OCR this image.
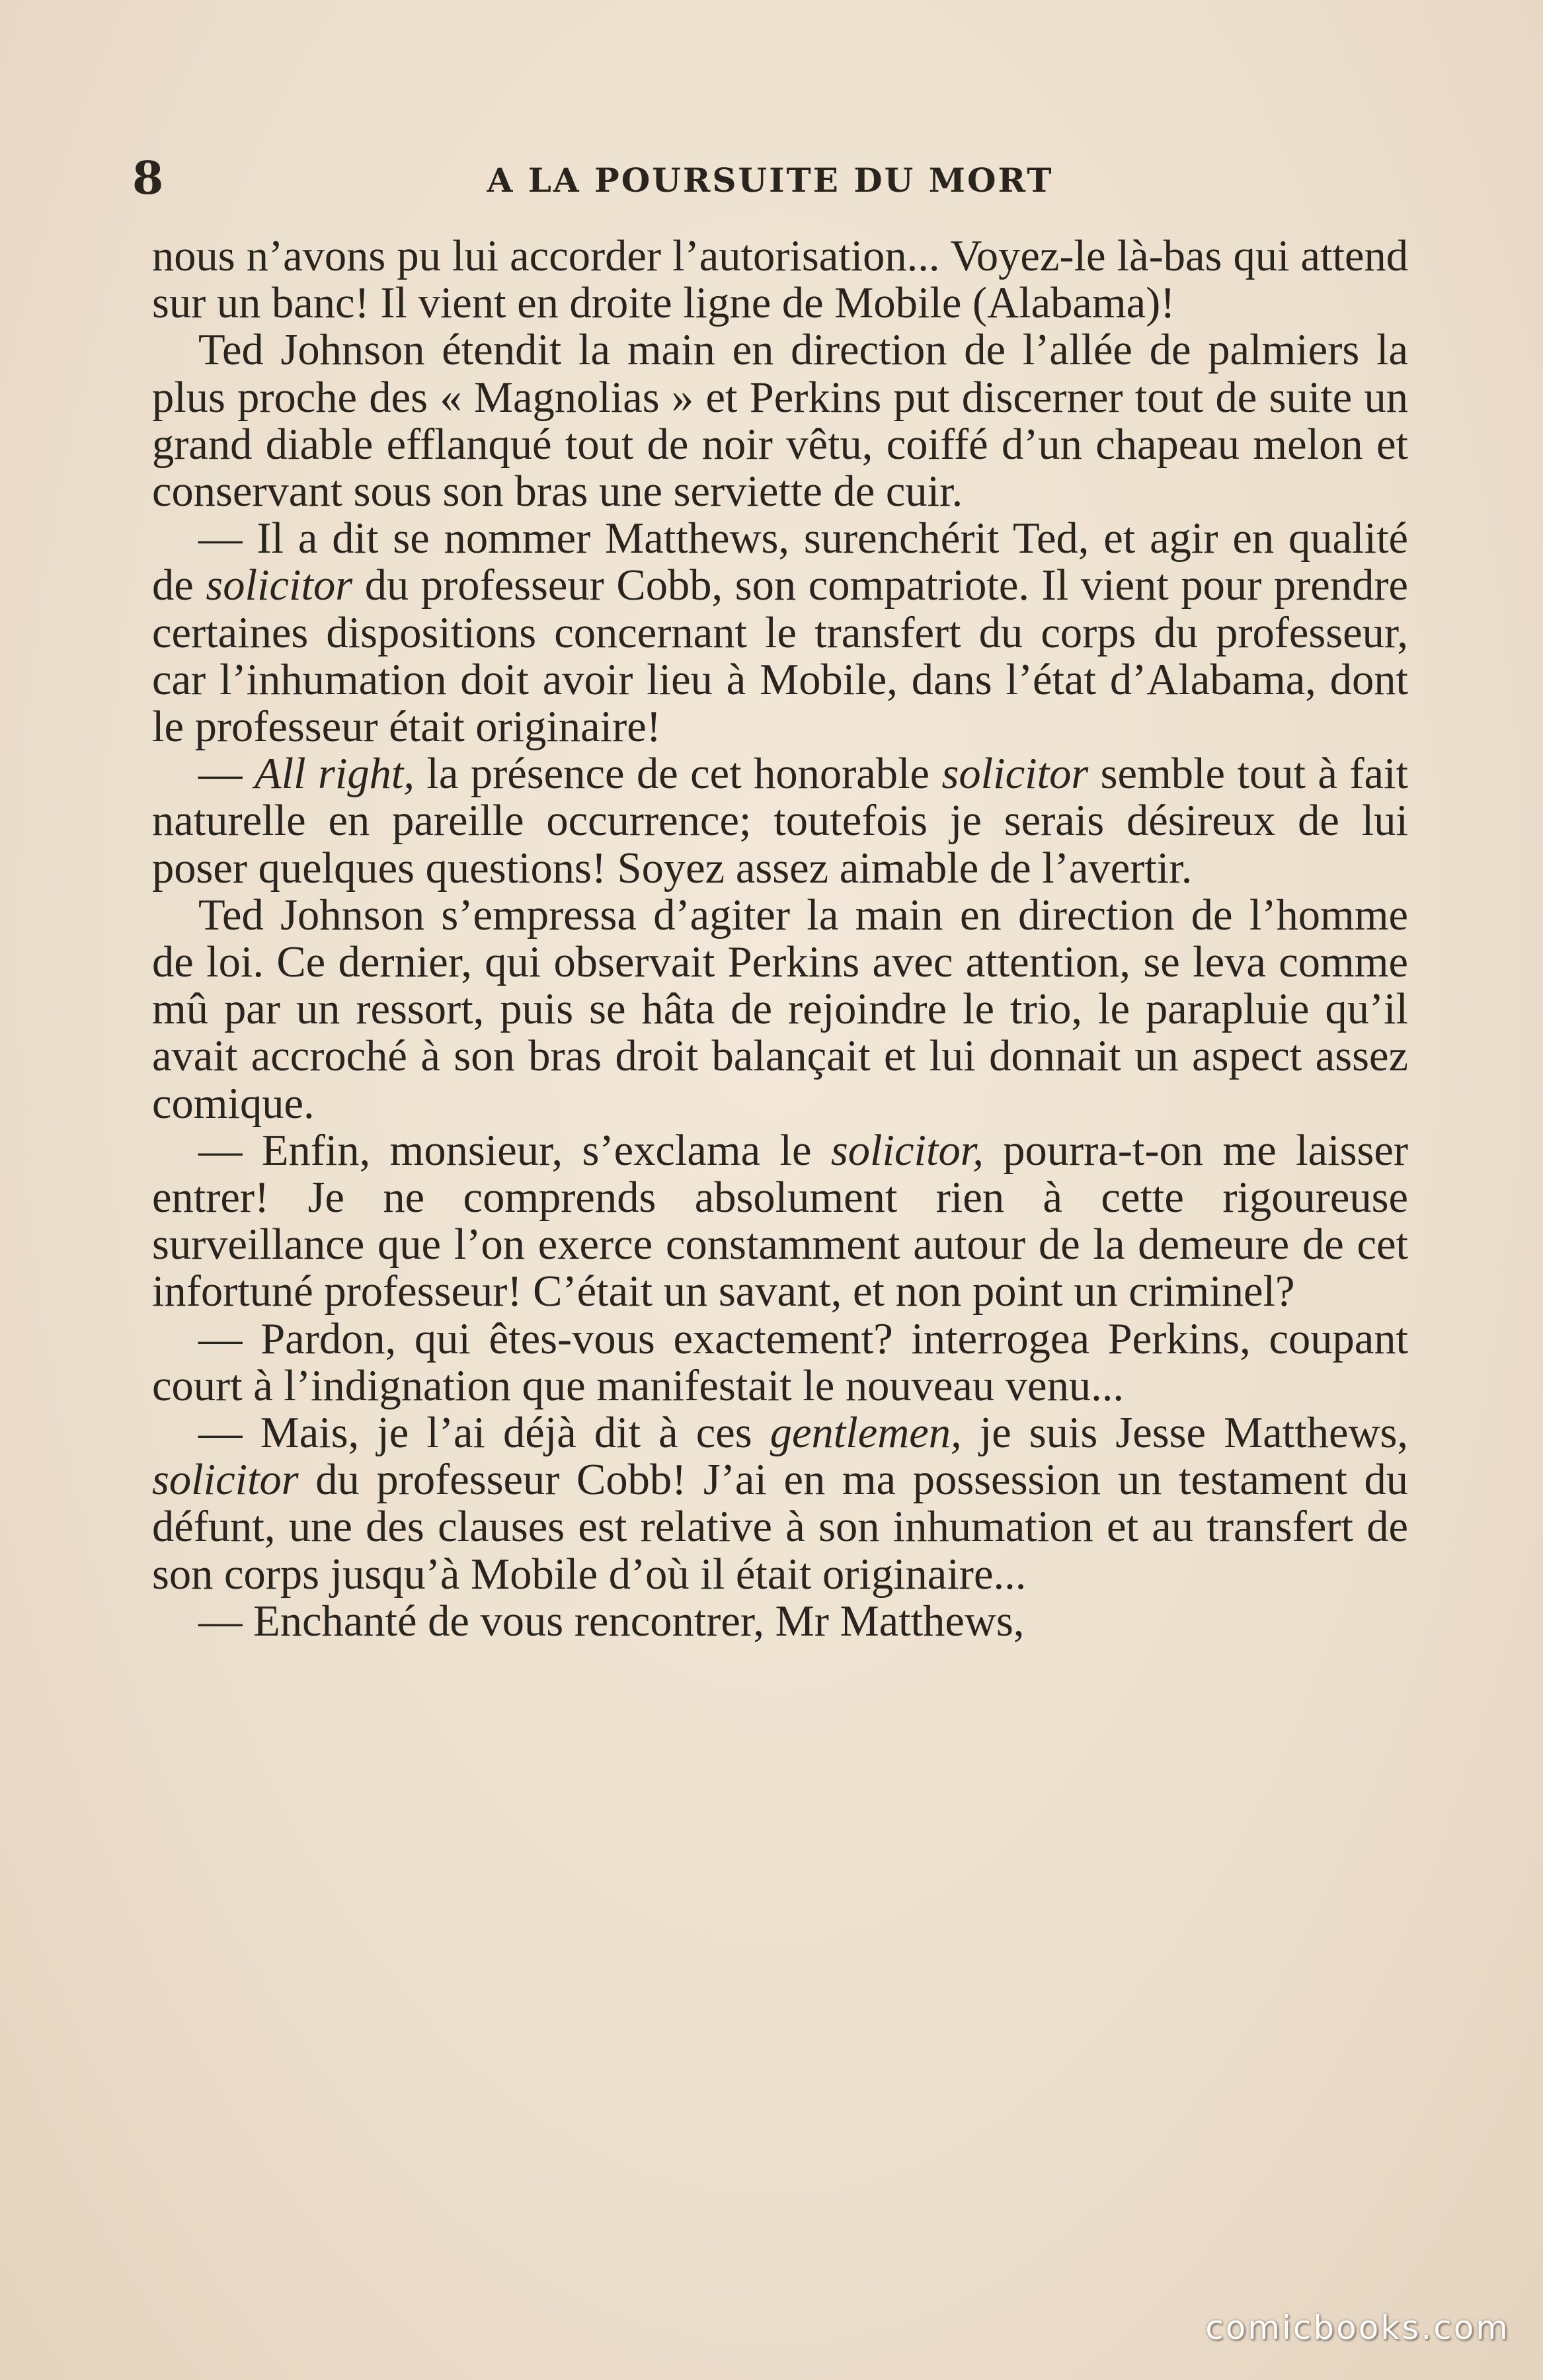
8	A LA POURSUITE DU MORT

nous n’avons pu lui accorder l’autorisation... Voyez-le là-bas qui attend sur un banc! Il vient en droite ligne de Mobile (Alabama)!

Ted Johnson étendit la main en direction de l’allée de palmiers la plus proche des « Magnolias » et Perkins put discerner tout de suite un grand diable efflanqué tout de noir vêtu, coiffé d’un chapeau melon et conservant sous son bras une serviette de cuir.

— Il a dit se nommer Matthews, surenchérit Ted, et agir en qualité de solicitor du professeur Cobb, son compatriote. Il vient pour prendre certaines dispositions concernant le transfert du corps du professeur, car l’inhumation doit avoir lieu à Mobile, dans l’état d’Alabama, dont le professeur était originaire!

— All right, la présence de cet honorable solicitor semble tout à fait naturelle en pareille occurrence; toutefois je serais désireux de lui poser quelques questions! Soyez assez aimable de l’avertir.

Ted Johnson s’empressa d’agiter la main en direction de l’homme de loi. Ce dernier, qui observait Perkins avec attention, se leva comme mû par un ressort, puis se hâta de rejoindre le trio, le parapluie qu’il avait accroché à son bras droit balançait et lui donnait un aspect assez comique.

— Enfin, monsieur, s’exclama le solicitor, pourra-t-on me laisser entrer! Je ne comprends absolument rien à cette rigoureuse surveillance que l’on exerce constamment autour de la demeure de cet infortuné professeur! C’était un savant, et non point un criminel?

— Pardon, qui êtes-vous exactement? interrogea Perkins, coupant court à l’indignation que manifestait le nouveau venu...

— Mais, je l’ai déjà dit à ces gentlemen, je suis Jesse Matthews, solicitor du professeur Cobb! J’ai en ma possession un testament du défunt, une des clauses est relative à son inhumation et au transfert de son corps jusqu’à Mobile d’où il était originaire...

— Enchanté de vous rencontrer, Mr Matthews,

comicbooks.com
